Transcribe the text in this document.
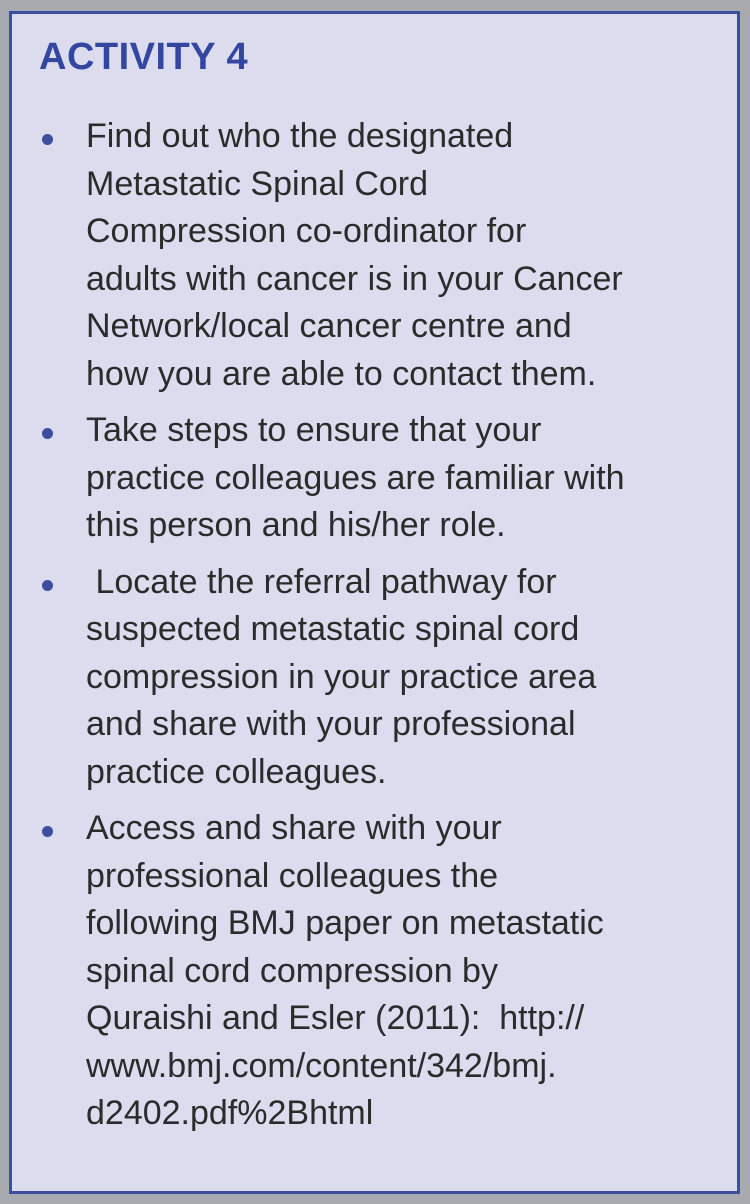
ACTIVITY 4
Find out who the designated
Metastatic Spinal Cord
Compression co-ordinator for
adults with cancer is in your Cancer
Network/local cancer centre and
how you are able to contact them.
Take steps to ensure that your
practice colleagues are familiar with
this person and his/her role.
Locate the referral pathway for
suspected metastatic spinal cord
compression in your practice area
and share with your professional
practice colleagues.
Access and share with your
professional colleagues the
following BMJ paper on metastatic
spinal cord compression by
Quraishi and Esler (2011):  http://
www.bmj.com/content/342/bmj.
d2402.pdf%2Bhtml
